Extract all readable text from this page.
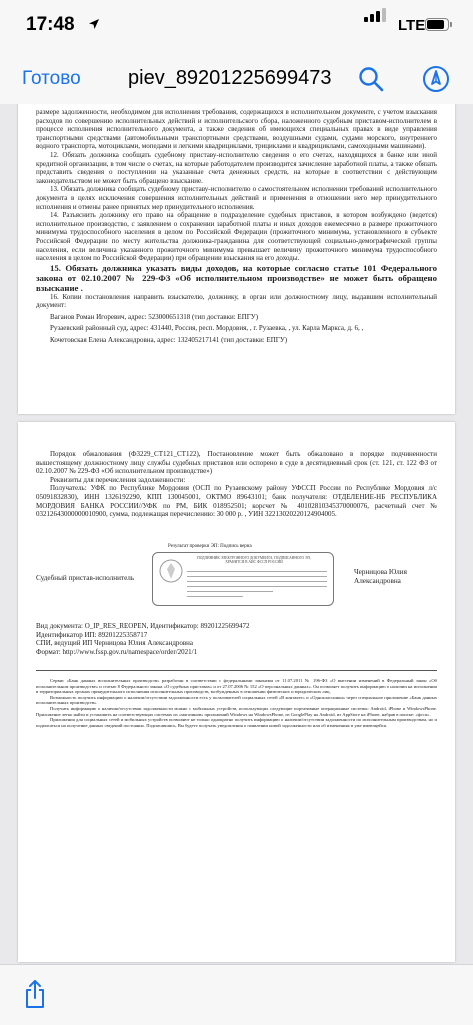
17:48	LTE
Готово piev_89201225699473

размере задолженности, необходимом для исполнения требования, содержащихся в исполнительном документе, с учетом взыскания расходов по совершению исполнительных действий и исполнительского сбора, наложенного судебным приставом-исполнителем в процессе исполнения исполнительного документа, а также сведения об имеющихся специальных правах в виде управления транспортными средствами (автомобильными транспортными средствами, воздушными судами, судами морского, внутреннего водного транспорта, мотоциклами, мопедами и легкими квадрициклами, трициклами и квадрициклами, самоходными машинами).

12. Обязать должника сообщать судебному приставу-исполнителю сведения о его счетах, находящихся в банке или иной кредитной организации, в том числе о счетах, на которые работодателем производится зачисление заработной платы, а также обязать представить сведения о поступлении на указанные счета денежных средств, на которые в соответствии с действующим законодательством не может быть обращено взыскание.

13. Обязать должника сообщать судебному приставу-исполнителю о самостоятельном исполнении требований исполнительного документа в целях исключения совершения исполнительных действий и применения в отношении него мер принудительного исполнения и отмены ранее принятых мер принудительного исполнения.

14. Разъяснить должнику его право на обращение в подразделение судебных приставов, в котором возбуждено (ведется) исполнительное производство, с заявлением о сохранении заработной платы и иных доходов ежемесячно в размере прожиточного минимума трудоспособного населения в целом по Российской Федерации (прожиточного минимума, установленного в субъекте Российской Федерации по месту жительства должника-гражданина для соответствующей социально-демографической группы населения, если величина указанного прожиточного минимума превышает величину прожиточного минимума трудоспособного населения в целом по Российской Федерации) при обращении взыскания на его доходы.

15. Обязать должника указать виды доходов, на которые согласно статье 101 Федерального закона от 02.10.2007 № 229-ФЗ «Об исполнительном производстве» не может быть обращено взыскание .

16. Копии постановления направить взыскателю, должнику, в орган или должностному лицу, выдавшим исполнительный документ:

Ваганов Роман Игоревич, адрес: 523000651318 (тип доставки: ЕПГУ)

Рузаевский районный суд, адрес: 431440, Россия, респ. Мордовия, , г. Рузаевка, , ул. Карла Маркса, д. 6, ,

Кочетовская Елена Александровна, адрес: 132405217141 (тип доставки: ЕПГУ)

Порядок обжалования (Ф3229_СТ121_СТ122), Постановление может быть обжаловано в порядке подчиненности вышестоящему должностному лицу службы судебных приставов или оспорено в суде в десятидневный срок (ст. 121, ст. 122 ФЗ от 02.10.2007 № 229-ФЗ «Об исполнительном производстве»)

Реквизиты для перечисления задолженности:

Получатель: УФК по Республике Мордовия (ОСП по Рузаевскому району УФССП России по Республике Мордовия л/с 05091832830), ИНН 1326192290, КПП 130045001, ОКТМО 89643101; банк получателя: ОТДЕЛЕНИЕ-НБ РЕСПУБЛИКА МОРДОВИЯ БАНКА РОССИИ//УФК по РМ, БИК 018952501; корсчет № 40102810345370000076, расчетный счет № 03212643000000010900, сумма, подлежащая перечислению: 30 000 р. , УИН 32213020220124904005.

Результат проверки ЭП: Подпись верна

ПОДЛИННИК ЭЛЕКТРОННОГО ДОКУМЕНТА, ПОДПИСАННОГО ЭП, ХРАНИТСЯ В АИС ФССП РОССИИ

Судебный пристав-исполнитель

Черницова Юлия Александровна

Вид документа: O_IP_RES_REOPEN, Идентификатор: 89201225699472

Идентификатор ИП: 89201225358717

СПИ, ведущий ИП Черницова Юлия Александровна

Формат: http://www.fssp.gov.ru/namespace/order/2021/1

Сервис «Банк данных исполнительных производств» разработан в соответствии с федеральными законами от 11.07.2011 № 196-ФЗ «О внесении изменений в Федеральный закон «Об исполнительном производстве» и статью 8 Федерального закона «О судебных приставах» и от 27.07.2006 № 152 «О персональных данных». Он позволяет получить информацию о наличии на исполнении в территориальных органах принудительного исполнения исполнительных производств, возбужденных в отношении физических и юридических лиц.

Возможность получить информацию о наличии/отсутствии задолженности есть у пользователей социальных сетей «В контакте» и «Одноклассники» через специальное приложение «Банк данных исполнительных производств».

Получить информацию о наличии/отсутствии задолженности можно с мобильных устройств, использующих следующие портативные операционные системы: Android, iPhone и WindowsPhone. Приложение легко найти и установить на соответствующих системах из «магазинов» приложений Windows на WindowsPhone, из GooglePlay на Android, из AppStore на iPhone, набрав в поиске: «фссп».

Приложения для социальных сетей и мобильных устройств позволяют не только однократно получить информацию о наличии/отсутствии задолженности по исполнительным производствам, но и подписаться на получение данных сведений постоянно. Подписавшись, Вы будете получать уведомления о появлении новой задолженности или об изменениях в уже имеющейся.
